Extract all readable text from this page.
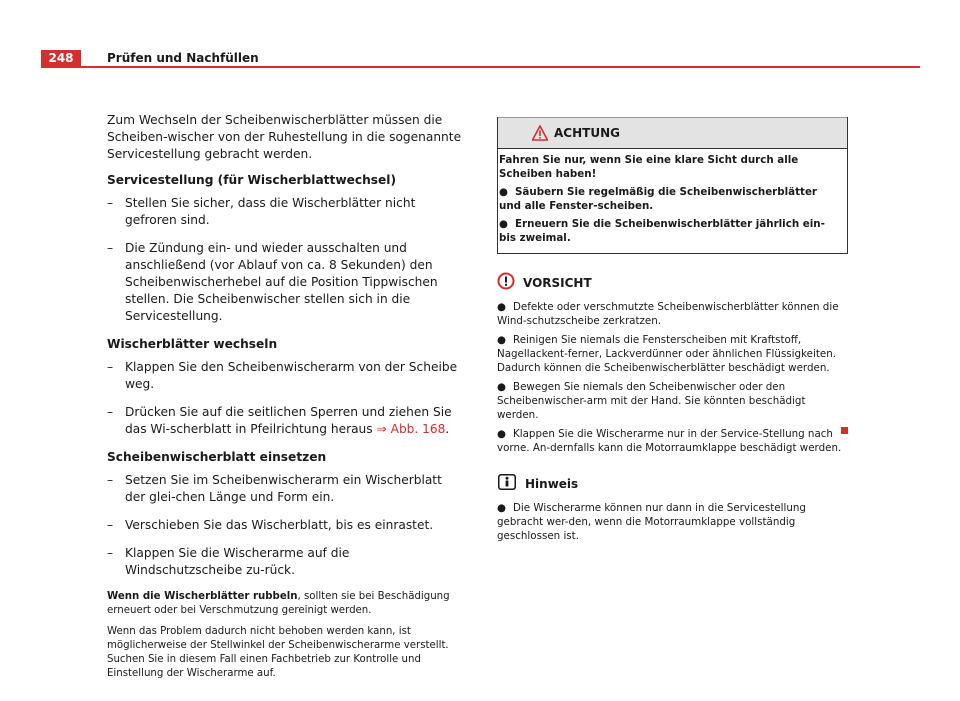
248	Prüfen und Nachfüllen

Zum Wechseln der Scheibenwischerblätter müssen die Scheiben-wischer von der Ruhestellung in die sogenannte Servicestellung gebracht werden.

Servicestellung (für Wischerblattwechsel)

– Stellen Sie sicher, dass die Wischerblätter nicht gefroren sind.
– Die Zündung ein- und wieder ausschalten und anschließend (vor Ablauf von ca. 8 Sekunden) den Scheibenwischerhebel auf die Position Tippwischen stellen. Die Scheibenwischer stellen sich in die Servicestellung.

Wischerblätter wechseln

– Klappen Sie den Scheibenwischerarm von der Scheibe weg.
– Drücken Sie auf die seitlichen Sperren und ziehen Sie das Wi-scherblatt in Pfeilrichtung heraus ⇒ Abb. 168.

Scheibenwischerblatt einsetzen

– Setzen Sie im Scheibenwischerarm ein Wischerblatt der glei-chen Länge und Form ein.
– Verschieben Sie das Wischerblatt, bis es einrastet.
– Klappen Sie die Wischerarme auf die Windschutzscheibe zu-rück.

Wenn die Wischerblätter rubbeln, sollten sie bei Beschädigung erneuert oder bei Verschmutzung gereinigt werden.

Wenn das Problem dadurch nicht behoben werden kann, ist möglicherweise der Stellwinkel der Scheibenwischerarme verstellt. Suchen Sie in diesem Fall einen Fachbetrieb zur Kontrolle und Einstellung der Wischerarme auf.

ACHTUNG

Fahren Sie nur, wenn Sie eine klare Sicht durch alle Scheiben haben!

● Säubern Sie regelmäßig die Scheibenwischerblätter und alle Fenster-scheiben.
● Erneuern Sie die Scheibenwischerblätter jährlich ein- bis zweimal.
VORSICHT
● Defekte oder verschmutzte Scheibenwischerblätter können die Wind-schutzscheibe zerkratzen.
● Reinigen Sie niemals die Fensterscheiben mit Kraftstoff, Nagellackent-ferner, Lackverdünner oder ähnlichen Flüssigkeiten. Dadurch können die Scheibenwischerblätter beschädigt werden.
● Bewegen Sie niemals den Scheibenwischer oder den Scheibenwischer-arm mit der Hand. Sie könnten beschädigt werden.
● Klappen Sie die Wischerarme nur in der Service-Stellung nach vorne. An-dernfalls kann die Motorraumklappe beschädigt werden.
Hinweis
● Die Wischerarme können nur dann in die Servicestellung gebracht wer-den, wenn die Motorraumklappe vollständig geschlossen ist.
